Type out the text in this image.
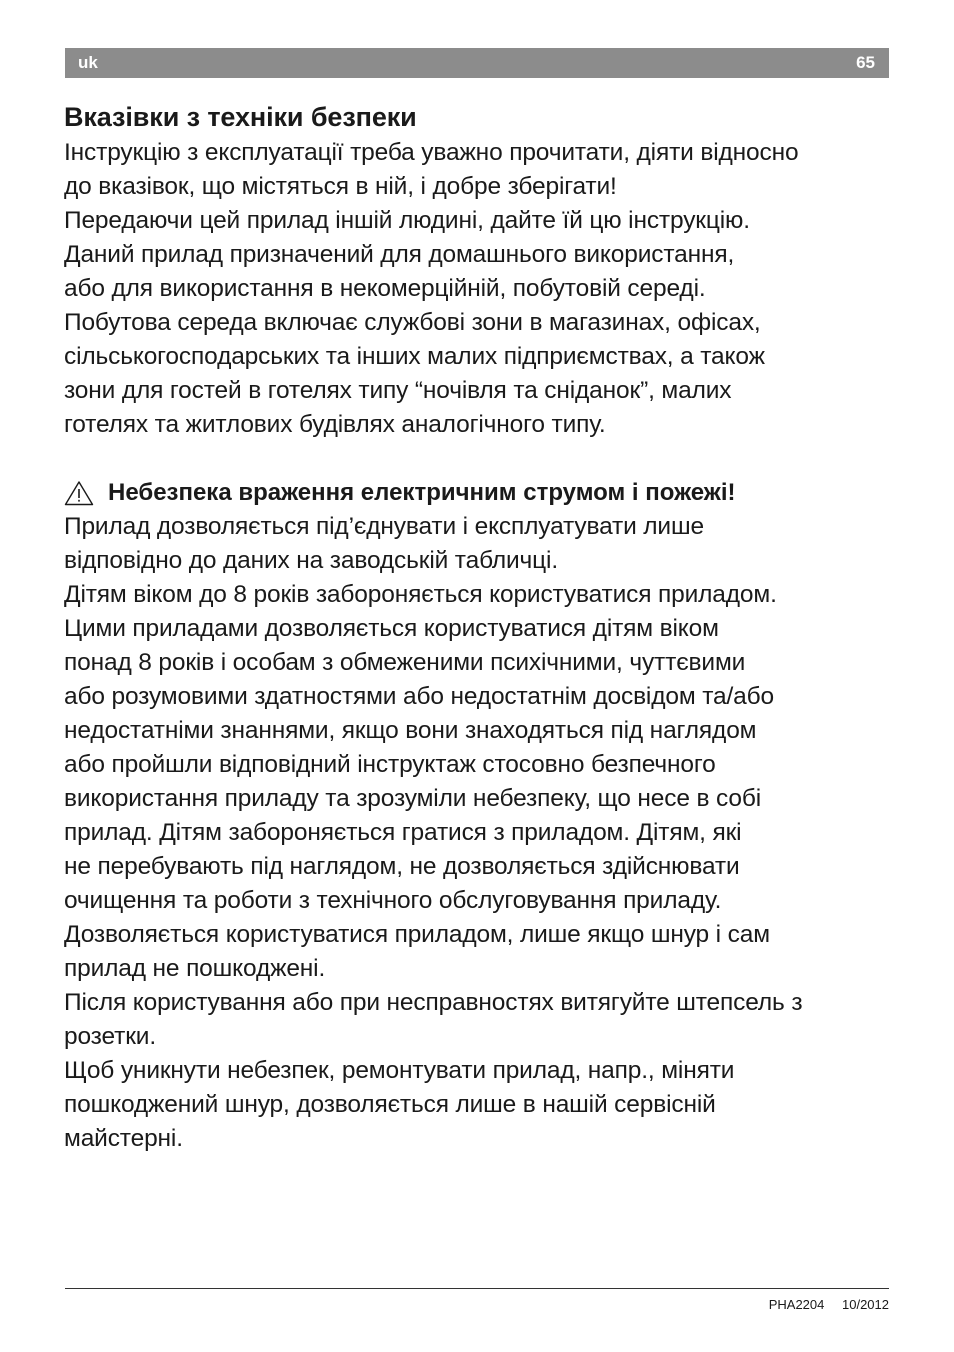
uk	65
Вказівки з техніки безпеки
Інструкцію з експлуатації треба уважно прочитати, діяти відносно
до вказівок, що містяться в ній, і добре зберігати!
Передаючи цей прилад іншій людині, дайте їй цю інструкцію.
Даний прилад призначений для домашнього використання,
або для використання в некомерційній, побутовій середі.
Побутова середа включає службові зони в магазинах, офісах,
сільськогосподарських та інших малих підприємствах, а також
зони для гостей в готелях типу “ночівля та сніданок”, малих
готелях та житлових будівлях аналогічного типу.
Небезпека враження електричним струмом і пожежі!
Прилад дозволяється під’єднувати і експлуатувати лише
відповідно до даних на заводській табличці.
Дітям віком до 8 років забороняється користуватися приладом.
Цими приладами дозволяється користуватися дітям віком
понад 8 років і особам з обмеженими психічними, чуттєвими
або розумовими здатностями або недостатнім досвідом та/або
недостатніми знаннями, якщо вони знаходяться під наглядом
або пройшли відповідний інструктаж стосовно безпечного
використання приладу та зрозуміли небезпеку, що несе в собі
прилад. Дітям забороняється гратися з приладом. Дітям, які
не перебувають під наглядом, не дозволяється здійснювати
очищення та роботи з технічного обслуговування приладу.
Дозволяється користуватися приладом, лише якщо шнур і сам
прилад не пошкоджені.
Після користування або при несправностях витягуйте штепсель з
розетки.
Щоб уникнути небезпек, ремонтувати прилад, напр., міняти
пошкоджений шнур, дозволяється лише в нашій сервісній
майстерні.
PHA2204 10/2012
